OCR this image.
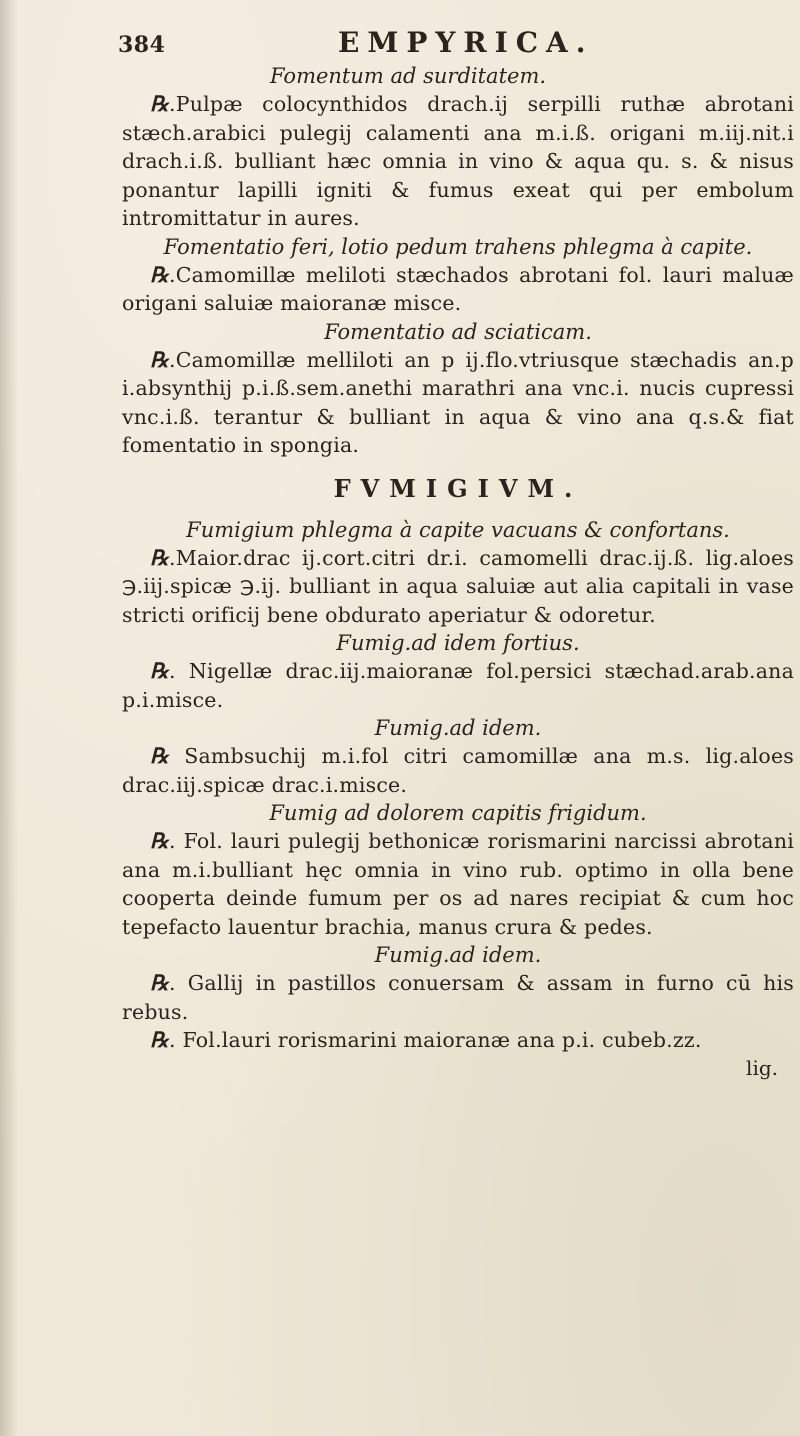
384	EMPYRICA.

Fomentum ad surditatem.

℞.Pulpæ colocynthidos drach.ij serpilli ruthæ abrotani stæch.arabici pulegij calamenti ana m.i.ß. origani m.iij.nit.i drach.i.ß. bulliant hæc omnia in vino & aqua qu. s. & nisus ponantur lapilli igniti & fumus exeat qui per embolum intromittatur in aures.

Fomentatio feri, lotio pedum trahens phlegma à capite.

℞.Camomillæ meliloti stæchados abrotani fol. lauri maluæ origani saluiæ maioranæ misce.

Fomentatio ad sciaticam.

℞.Camomillæ melliloti an p ij.flo.vtriusque stæchadis an.p i.absynthij p.i.ß.sem.anethi marathri ana vnc.i. nucis cupressi vnc.i.ß. terantur & bulliant in aqua & vino ana q.s.& fiat fomentatio in spongia.

FVMIGIVM.

Fumigium phlegma à capite vacuans & confortans.

℞.Maior.drac ij.cort.citri dr.i. camomelli drac.ij.ß. lig.aloes ℈.iij.spicæ ℈.ij. bulliant in aqua saluiæ aut alia capitali in vase stricti orificij bene obdurato aperiatur & odoretur.

Fumig.ad idem fortius.

℞. Nigellæ drac.iij.maioranæ fol.persici stæchad.arab.ana p.i.misce.

Fumig.ad idem.

℞ Sambsuchij m.i.fol citri camomillæ ana m.s. lig.aloes drac.iij.spicæ drac.i.misce.

Fumig ad dolorem capitis frigidum.

℞. Fol. lauri pulegij bethonicæ rorismarini narcissi abrotani ana m.i.bulliant hęc omnia in vino rub. optimo in olla bene cooperta deinde fumum per os ad nares recipiat & cum hoc tepefacto lauentur brachia, manus crura & pedes.

Fumig.ad idem.

℞. Gallij in pastillos conuersam & assam in furno cū his rebus.

℞. Fol.lauri rorismarini maioranæ ana p.i. cubeb.zz.

lig.
